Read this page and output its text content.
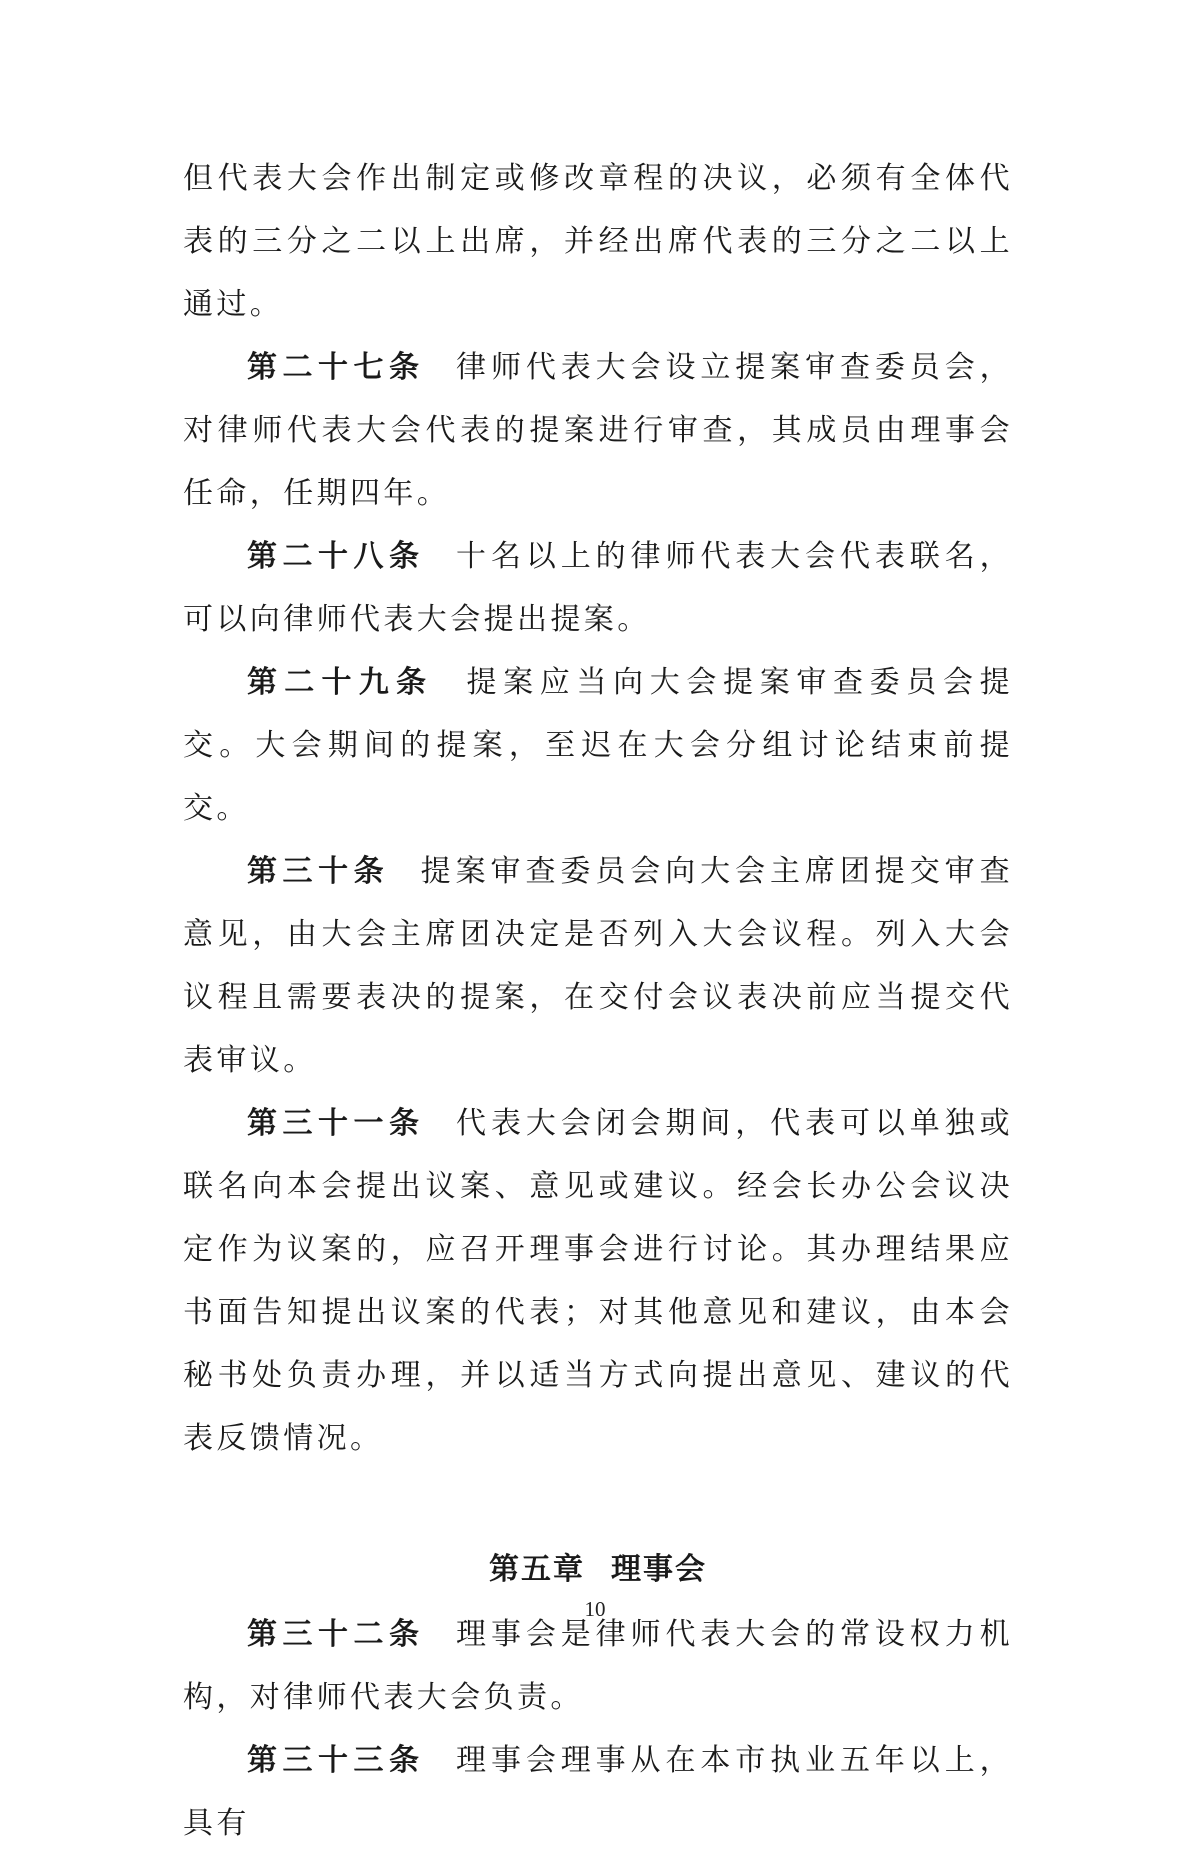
但代表大会作出制定或修改章程的决议，必须有全体代表的三分之二以上出席，并经出席代表的三分之二以上通过。

第二十七条 律师代表大会设立提案审查委员会，对律师代表大会代表的提案进行审查，其成员由理事会任命，任期四年。

第二十八条 十名以上的律师代表大会代表联名，可以向律师代表大会提出提案。

第二十九条 提案应当向大会提案审查委员会提交。大会期间的提案，至迟在大会分组讨论结束前提交。

第三十条 提案审查委员会向大会主席团提交审查意见，由大会主席团决定是否列入大会议程。列入大会议程且需要表决的提案，在交付会议表决前应当提交代表审议。

第三十一条 代表大会闭会期间，代表可以单独或联名向本会提出议案、意见或建议。经会长办公会议决定作为议案的，应召开理事会进行讨论。其办理结果应书面告知提出议案的代表；对其他意见和建议，由本会秘书处负责办理，并以适当方式向提出意见、建议的代表反馈情况。

第五章 理事会

第三十二条 理事会是律师代表大会的常设权力机构，对律师代表大会负责。

第三十三条 理事会理事从在本市执业五年以上，具有

10
